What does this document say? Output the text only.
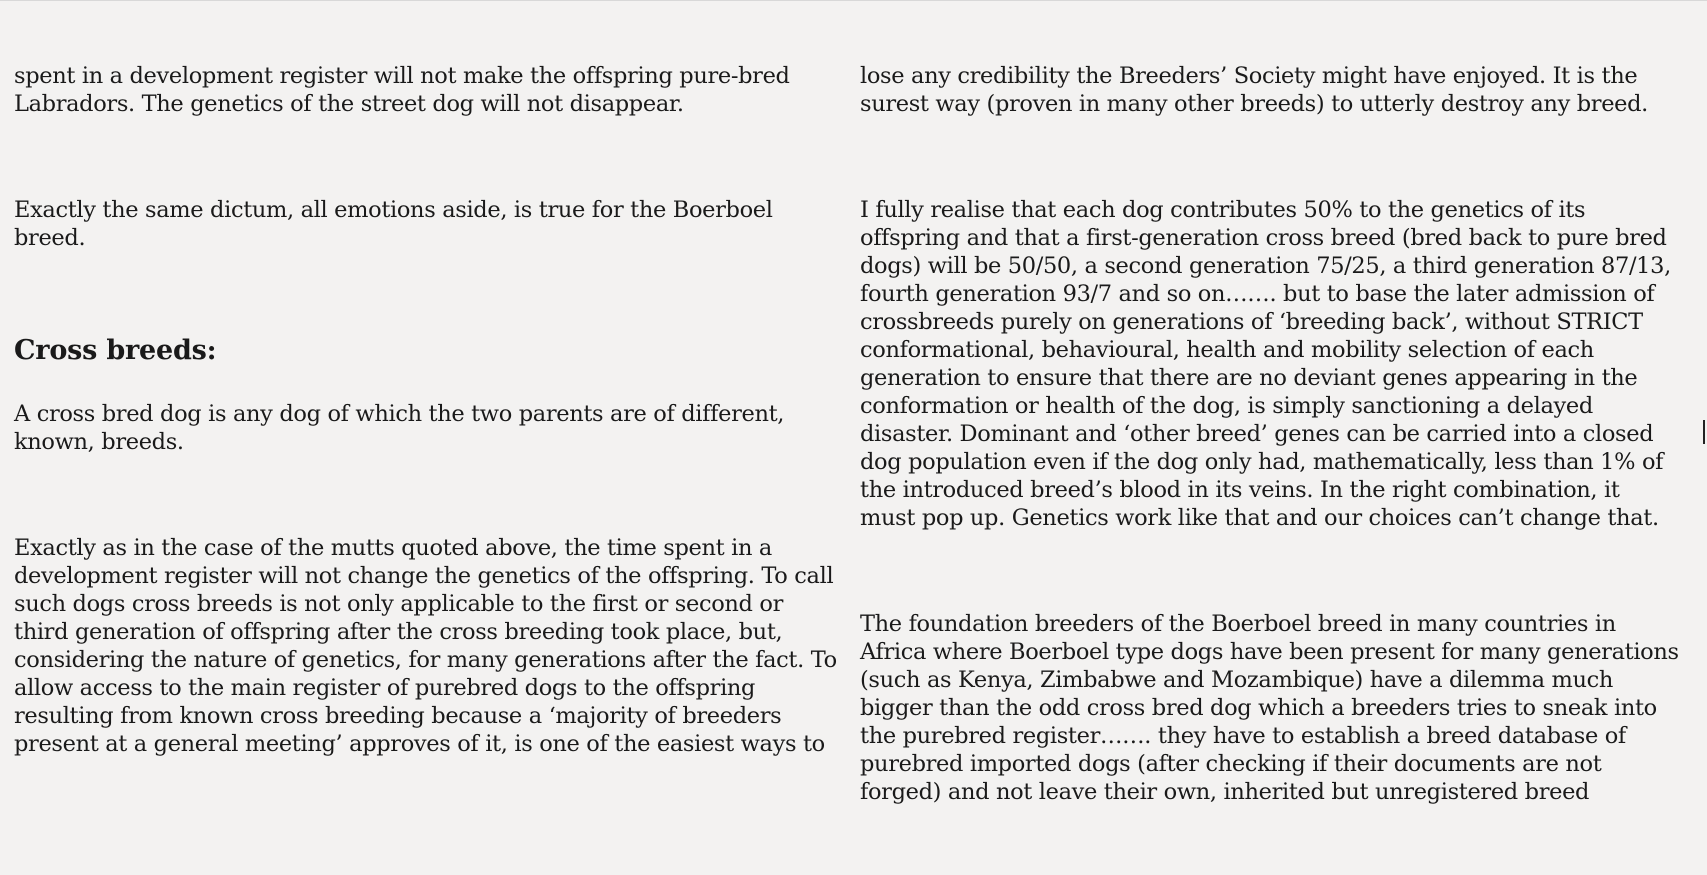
spent in a development register will not make the offspring pure-bred
Labradors. The genetics of the street dog will not disappear.

Exactly the same dictum, all emotions aside, is true for the Boerboel
breed.

Cross breeds:

A cross bred dog is any dog of which the two parents are of different,
known, breeds.

Exactly as in the case of the mutts quoted above, the time spent in a
development register will not change the genetics of the offspring. To call
such dogs cross breeds is not only applicable to the first or second or
third generation of offspring after the cross breeding took place, but,
considering the nature of genetics, for many generations after the fact. To
allow access to the main register of purebred dogs to the offspring
resulting from known cross breeding because a ‘majority of breeders
present at a general meeting’ approves of it, is one of the easiest ways to

lose any credibility the Breeders’ Society might have enjoyed. It is the
surest way (proven in many other breeds) to utterly destroy any breed.

I fully realise that each dog contributes 50% to the genetics of its
offspring and that a first-generation cross breed (bred back to pure bred
dogs) will be 50/50, a second generation 75/25, a third generation 87/13,
fourth generation 93/7 and so on……. but to base the later admission of
crossbreeds purely on generations of ‘breeding back’, without STRICT
conformational, behavioural, health and mobility selection of each
generation to ensure that there are no deviant genes appearing in the
conformation or health of the dog, is simply sanctioning a delayed
disaster. Dominant and ‘other breed’ genes can be carried into a closed
dog population even if the dog only had, mathematically, less than 1% of
the introduced breed’s blood in its veins. In the right combination, it
must pop up. Genetics work like that and our choices can’t change that.

The foundation breeders of the Boerboel breed in many countries in
Africa where Boerboel type dogs have been present for many generations
(such as Kenya, Zimbabwe and Mozambique) have a dilemma much
bigger than the odd cross bred dog which a breeders tries to sneak into
the purebred register……. they have to establish a breed database of
purebred imported dogs (after checking if their documents are not
forged) and not leave their own, inherited but unregistered breed
